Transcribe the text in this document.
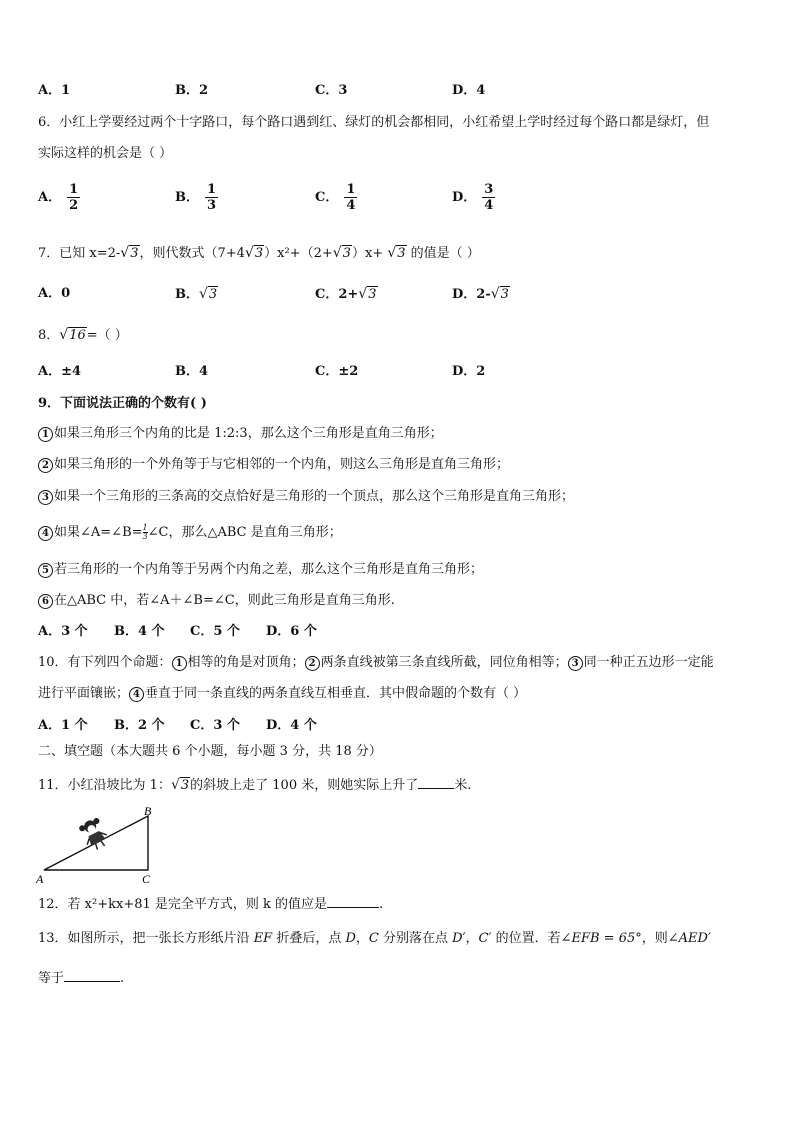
A．1	B．2	C．3	D．4
6．小红上学要经过两个十字路口，每个路口遇到红、绿灯的机会都相同，小红希望上学时经过每个路口都是绿灯，但
实际这样的机会是（ ）
A． $\frac{1}{2}$	B． $\frac{1}{3}$	C． $\frac{1}{4}$	D． $\frac{3}{4}$
7．已知 x=2-√3，则代数式（7+4√3）x²+（2+√3）x+ √3 的值是（ ）
A．0	B．√3	C．2+√3	D．2-√3
8．√16=（ ）
A．±4	B．4	C．±2	D．2
9．下面说法正确的个数有( )
1 如果三角形三个内角的比是 1:2:3，那么这个三角形是直角三角形；
2 如果三角形的一个外角等于与它相邻的一个内角，则这么三角形是直角三角形；
3 如果一个三角形的三条高的交点恰好是三角形的一个顶点，那么这个三角形是直角三角形；
4 如果∠A=∠B= $\frac{1}{3}$ ∠C，那么△ABC 是直角三角形；
5 若三角形的一个内角等于另两个内角之差，那么这个三角形是直角三角形；
6 在△ABC 中，若∠A＋∠B=∠C，则此三角形是直角三角形.
A．3 个 B．4 个 C．5 个 D．6 个
10．有下列四个命题： 1 相等的角是对顶角； 2 两条直线被第三条直线所截，同位角相等； 3 同一种正五边形一定能
进行平面镶嵌； 4 垂直于同一条直线的两条直线互相垂直．其中假命题的个数有（ ）
A．1 个 B．2 个 C．3 个 D．4 个
二、填空题（本大题共 6 个小题，每小题 3 分，共 18 分）
11．小红沿坡比为 1：√3的斜坡上走了 100 米，则她实际上升了	米.
A
B
C
12．若 x²+kx+81 是完全平方式，则 k 的值应是	.
13．如图所示，把一张长方形纸片沿 EF 折叠后，点 D，C 分别落在点 D′，C′ 的位置．若∠EFB = 65°，则∠AED′
等于	.
